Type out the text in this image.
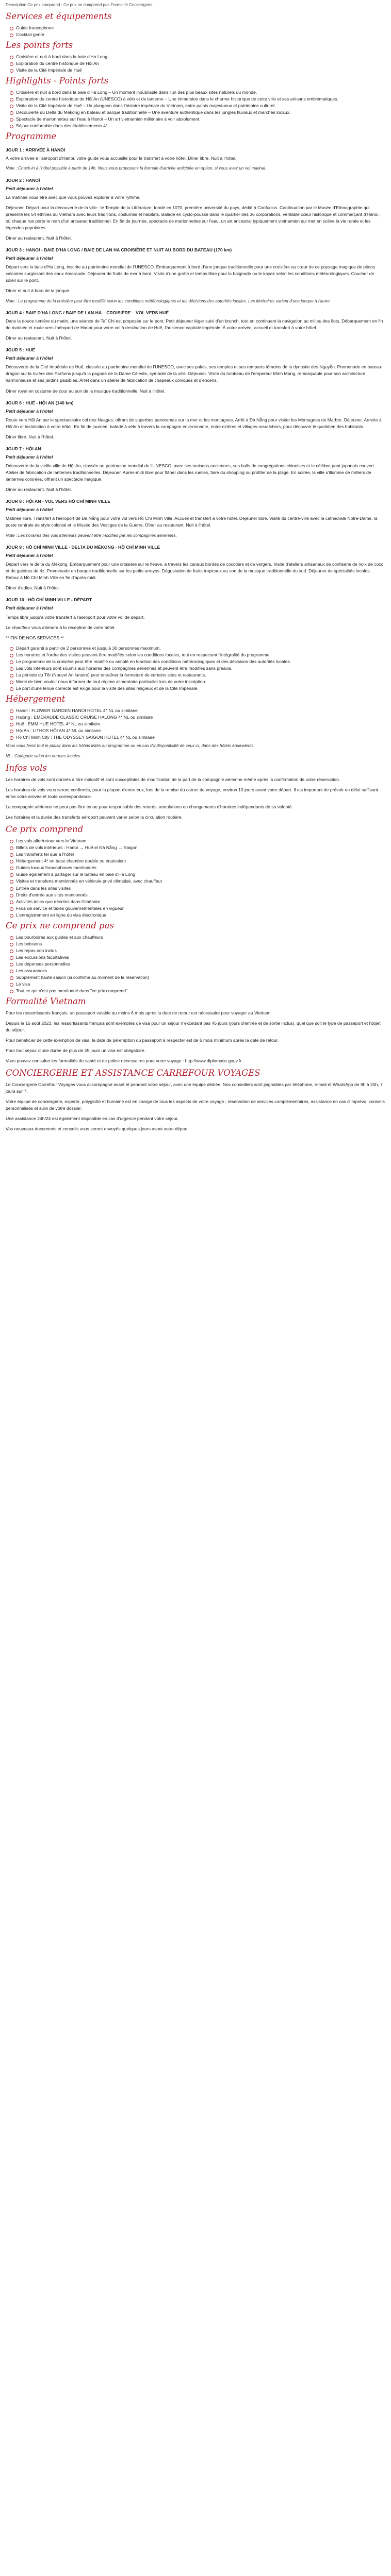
Description Ce prix comprend : Ce prix ne comprend pas Formalité Conciergerie
Services et équipements
Guide francophone
Cocktail genre
Les points forts
Croisière et nuit à bord dans la baie d'Ha Long
Exploration du centre historique de Hội An
Visite de la Cité Impériale de Huế
Highlights - Points forts
Croisière et nuit à bord dans la baie d'Ha Long – Un moment inoubliable dans l'un des plus beaux sites naturels du monde.
Exploration du centre historique de Hội An (UNESCO) à vélo et de lanterne – Une immersion dans le charme historique de cette ville et ses artisans emblématiques.
Visite de la Cité Impériale de Huế – Un plongeon dans l'histoire impériale du Vietnam, entre palais majestueux et patrimoine culturel.
Découverte du Delta du Mékong en bateau et barque traditionnelle – Une aventure authentique dans les jungles fluviaux et marchés locaux.
Spectacle de marionnettes sur l'eau à Hanoï – Un art vietnamien millénaire à voir absolument.
Séjour confortable dans des établissements 4*
Programme
JOUR 1 : ARRIVÉE À HANOÏ

À votre arrivée à l'aéroport d'Hanoï, votre guide vous accueille pour le transfert à votre hôtel. Dîner libre. Nuit à l'hôtel.

Note : Check-in à l'hôtel possible à partir de 14h. Nous vous proposons la formule d'arrivée anticipée en option, si vous avez un vol matinal.

JOUR 2 : HANOÏ
Petit déjeuner à l'hôtel

La matinée vous être avec que vous pouvez explorer à votre rythme.

Déjeuner. Départ pour la découverte de la ville : le Temple de la Littérature, fondé en 1070, première université du pays, dédié à Confucius. Continuation par le Musée d'Ethnographie qui présente les 54 ethnies du Vietnam avec leurs traditions, costumes et habitats. Balade en cyclo-pousse dans le quartier des 36 corporations, véritable cœur historique et commerçant d'Hanoï, où chaque rue porte le nom d'un artisanat traditionnel. En fin de journée, spectacle de marionnettes sur l'eau, un art ancestral typiquement vietnamien qui met en scène la vie rurale et les légendes populaires.

Dîner au restaurant. Nuit à l'hôtel.

JOUR 3 : HANOÏ - BAIE D'HA LONG / BAIE DE LAN HA CROISIÈRE ET NUIT AU BORD DU BATEAU (170 km)
Petit déjeuner à l'hôtel

Départ vers la baie d'Ha Long, inscrite au patrimoine mondial de l'UNESCO. Embarquement à bord d'une jonque traditionnelle pour une croisière au cœur de ce paysage magique de pitons calcaires surgissant des eaux émeraude. Déjeuner de fruits de mer à bord. Visite d'une grotte et temps libre pour la baignade ou le kayak selon les conditions météorologiques. Coucher de soleil sur le pont.

Dîner et nuit à bord de la jonque.

Note : Le programme de la croisière peut être modifié selon les conditions météorologiques et les décisions des autorités locales. Les itinéraires varient d'une jonque à l'autre.

JOUR 4 : BAIE D'HA LONG / BAIE DE LAN HA – CROISIÈRE – VOL VERS HUẾ

Dans la douce lumière du matin, une séance de Taï Chi est proposée sur le pont. Petit déjeuner léger suivi d'un brunch, tout en continuant la navigation au milieu des îlots. Débarquement en fin de matinée et route vers l'aéroport de Hanoï pour votre vol à destination de Huế, l'ancienne capitale impériale. À votre arrivée, accueil et transfert à votre hôtel.

Dîner au restaurant. Nuit à l'hôtel.

JOUR 5 : HUẾ
Petit déjeuner à l'hôtel

Découverte de la Cité Impériale de Huế, classée au patrimoine mondial de l'UNESCO, avec ses palais, ses temples et ses remparts témoins de la dynastie des Nguyễn. Promenade en bateau-dragon sur la rivière des Parfums jusqu'à la pagode de la Dame Céleste, symbole de la ville. Déjeuner. Visite du tombeau de l'empereur Minh Mạng, remarquable pour son architecture harmonieuse et ses jardins paisibles. Arrêt dans un atelier de fabrication de chapeaux coniques et d'encens.

Dîner royal en costume de cour au son de la musique traditionnelle. Nuit à l'hôtel.

JOUR 6 : HUẾ - HỘI AN (140 km)
Petit déjeuner à l'hôtel

Route vers Hội An par le spectaculaire col des Nuages, offrant de superbes panoramas sur la mer et les montagnes. Arrêt à Đà Nẵng pour visiter les Montagnes de Marbre. Déjeuner. Arrivée à Hội An et installation à votre hôtel. En fin de journée, balade à vélo à travers la campagne environnante, entre rizières et villages maraîchers, pour découvrir le quotidien des habitants.

Dîner libre. Nuit à l'hôtel.

JOUR 7 : HỘI AN
Petit déjeuner à l'hôtel

Découverte de la vieille ville de Hội An, classée au patrimoine mondial de l'UNESCO, avec ses maisons anciennes, ses halls de congrégations chinoises et le célèbre pont japonais couvert. Atelier de fabrication de lanternes traditionnelles. Déjeuner. Après-midi libre pour flâner dans les ruelles, faire du shopping ou profiter de la plage. En soirée, la ville s'illumine de milliers de lanternes colorées, offrant un spectacle magique.

Dîner au restaurant. Nuit à l'hôtel.

JOUR 8 : HỘI AN - VOL VERS HỒ CHÍ MINH VILLE
Petit déjeuner à l'hôtel

Matinée libre. Transfert à l'aéroport de Đà Nẵng pour votre vol vers Hồ Chí Minh Ville. Accueil et transfert à votre hôtel. Déjeuner libre. Visite du centre-ville avec la cathédrale Notre-Dame, la poste centrale de style colonial et le Musée des Vestiges de la Guerre. Dîner au restaurant. Nuit à l'hôtel.

Note : Les horaires des vols intérieurs peuvent être modifiés par les compagnies aériennes.

JOUR 9 : HỒ CHÍ MINH VILLE - DELTA DU MÉKONG - HỒ CHÍ MINH VILLE
Petit déjeuner à l'hôtel

Départ vers le delta du Mékong. Embarquement pour une croisière sur le fleuve, à travers les canaux bordés de cocotiers et de vergers. Visite d'ateliers artisanaux de confiserie de noix de coco et de galettes de riz. Promenade en barque traditionnelle sur les petits arroyos. Dégustation de fruits tropicaux au son de la musique traditionnelle du sud. Déjeuner de spécialités locales. Retour à Hồ Chí Minh Ville en fin d'après-midi.

Dîner d'adieu. Nuit à l'hôtel.

JOUR 10 : HỒ CHÍ MINH VILLE - DÉPART
Petit déjeuner à l'hôtel

Temps libre jusqu'à votre transfert à l'aéroport pour votre vol de départ.

Le chauffeur vous attendra à la réception de votre hôtel.

** FIN DE NOS SERVICES **

Départ garanti à partir de 2 personnes et jusqu'à 30 personnes maximum.
Les horaires et l'ordre des visites peuvent être modifiés selon les conditions locales, tout en respectant l'intégralité du programme.
Le programme de la croisière peut être modifié ou annulé en fonction des conditions météorologiques et des décisions des autorités locales.
Les vols intérieurs sont soumis aux horaires des compagnies aériennes et peuvent être modifiés sans préavis.
La période du Têt (Nouvel An lunaire) peut entraîner la fermeture de certains sites et restaurants.
Merci de bien vouloir nous informer de tout régime alimentaire particulier lors de votre inscription.
Le port d'une tenue correcte est exigé pour la visite des sites religieux et de la Cité Impériale.
Hébergement
Hanoï : FLOWER GARDEN HANOI HOTEL 4* NL ou similaire
Halong : EMERAUDE CLASSIC CRUISE HALONG 4* NL ou similaire
Huế : EMM HUE HOTEL 4* NL ou similaire
Hội An : LITHOS HỘI AN 4* NL ou similaire
Hồ Chí Minh City : THE ODYSSEY SAIGON HOTEL 4* NL ou similaire

Vous vous ferez tout le plaisir dans les hôtels listés au programme ou en cas d'indisponibilité de ceux-ci, dans des hôtels équivalents.

NL : Catégorie selon les normes locales

Infos vols

Les horaires de vols sont donnés à titre indicatif et sont susceptibles de modification de la part de la compagnie aérienne même après la confirmation de votre réservation.

Les horaires de vols vous seront confirmés, pour la plupart d'entre eux, lors de la remise du carnet de voyage, environ 10 jours avant votre départ. Il est important de prévoir un délai suffisant entre votre arrivée et toute correspondance.

La compagnie aérienne ne peut pas être tenue pour responsable des retards, annulations ou changements d'horaires indépendants de sa volonté.

Les horaires et la durée des transferts aéroport peuvent varier selon la circulation routière.

Ce prix comprend
Les vols aller/retour vers le Vietnam
Billets de vols intérieurs : Hanoï → Huế et Đà Nẵng → Saigon
Les transferts tel que à l'hôtel
Hébergement 4* en base chambre double ou équivalent
Guides locaux francophones mentionnés
Guide également à partager sur le bateau en baie d'Ha Long
Visites et transferts mentionnés en véhicule privé climatisé, avec chauffeur
Entrée dans les sites visités
Droits d'entrée aux sites mentionnés
Activités telles que décrites dans l'itinéraire
Frais de service et taxes gouvernementales en vigueur
L'enregistrement en ligne du visa électronique
Ce prix ne comprend pas
Les pourboires aux guides et aux chauffeurs
Les boissons
Les repas non inclus
Les excursions facultatives
Les dépenses personnelles
Les assurances
Supplément haute saison (si confirmé au moment de la réservation)
Le visa
Tout ce qui n'est pas mentionné dans "ce prix comprend"
Formalité Vietnam

Pour les ressortissants français, un passeport valable au moins 6 mois après la date de retour est nécessaire pour voyager au Vietnam.

Depuis le 15 août 2023, les ressortissants français sont exemptés de visa pour un séjour n'excédant pas 45 jours (jours d'entrée et de sortie inclus), quel que soit le type de passeport et l'objet du séjour.

Pour bénéficier de cette exemption de visa, la date de péremption du passeport à respecter est de 6 mois minimum après la date de retour.

Pour tout séjour d'une durée de plus de 45 jours un visa est obligatoire.

Vous pouvez consulter les formalités de santé et de police nécessaires pour votre voyage : http://www.diplomatie.gouv.fr

CONCIERGERIE ET ASSISTANCE CARREFOUR VOYAGES

Le Conciergerie Carrefour Voyages vous accompagne avant et pendant votre séjour, avec une équipe dédiée. Nos conseillers sont joignables par téléphone, e-mail et WhatsApp de 9h à 20h, 7 jours sur 7.

Votre équipe de conciergerie, experte, polyglotte et humaine est en charge de tous les aspects de votre voyage : réservation de services complémentaires, assistance en cas d'imprévu, conseils personnalisés et suivi de votre dossier.

Une assistance 24h/24 est également disponible en cas d'urgence pendant votre séjour.

Vos nouveaux documents et conseils vous seront envoyés quelques jours avant votre départ.
